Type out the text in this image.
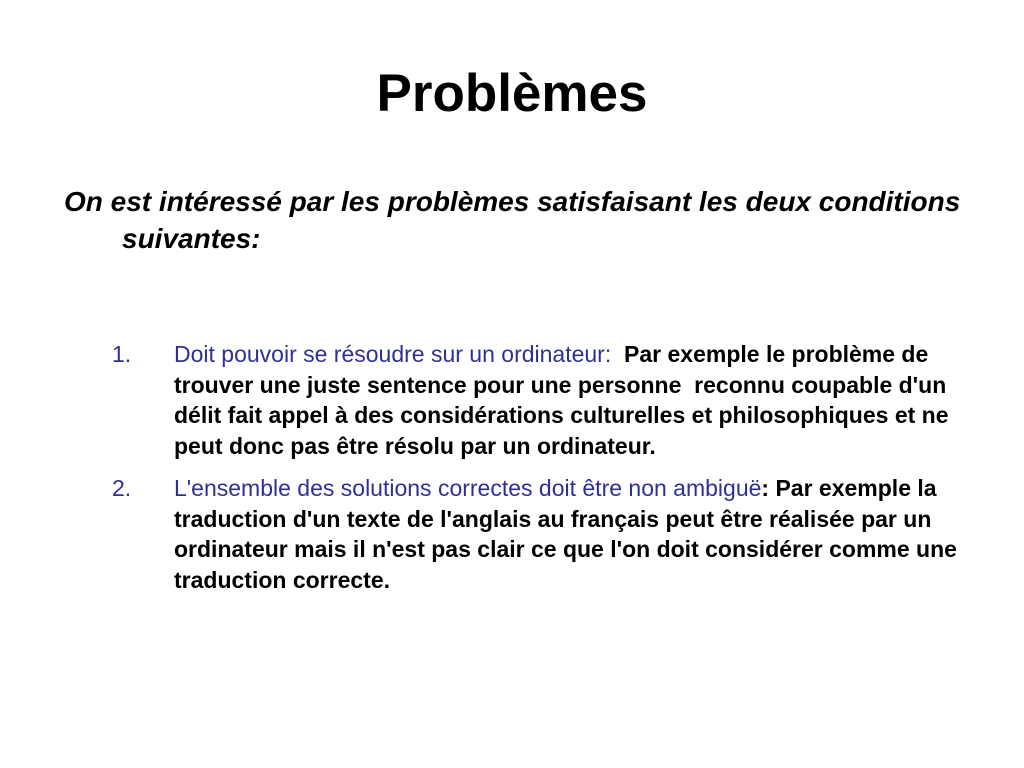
Problèmes

On est intéressé par les problèmes satisfaisant les deux conditions suivantes:

1. Doit pouvoir se résoudre sur un ordinateur:  Par exemple le problème de trouver une juste sentence pour une personne  reconnu coupable d'un délit fait appel à des considérations culturelles et philosophiques et ne peut donc pas être résolu par un ordinateur.
2. L'ensemble des solutions correctes doit être non ambiguë: Par exemple la traduction d'un texte de l'anglais au français peut être réalisée par un ordinateur mais il n'est pas clair ce que l'on doit considérer comme une traduction correcte.
